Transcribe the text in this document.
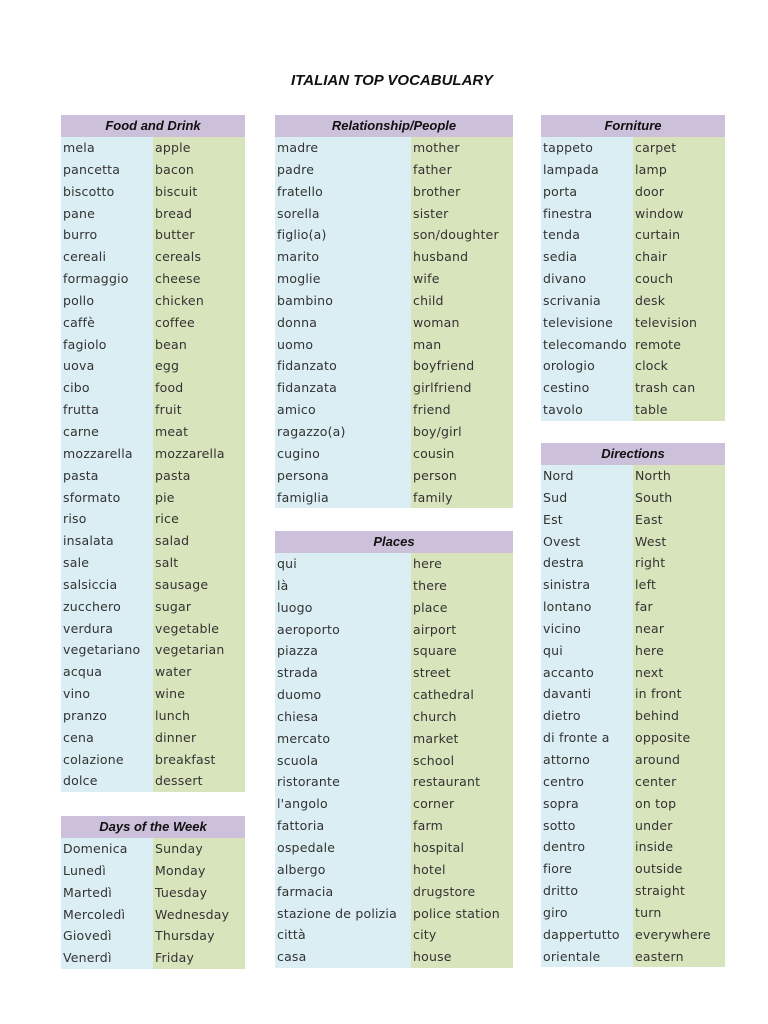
ITALIAN TOP VOCABULARY
Food and Drink
mela	apple
pancetta	bacon
biscotto	biscuit
pane	bread
burro	butter
cereali	cereals
formaggio	cheese
pollo	chicken
caffè	coffee
fagiolo	bean
uova	egg
cibo	food
frutta	fruit
carne	meat
mozzarella	mozzarella
pasta	pasta
sformato	pie
riso	rice
insalata	salad
sale	salt
salsiccia	sausage
zucchero	sugar
verdura	vegetable
vegetariano	vegetarian
acqua	water
vino	wine
pranzo	lunch
cena	dinner
colazione	breakfast
dolce	dessert
Days of the Week
Domenica	Sunday
Lunedì	Monday
Martedì	Tuesday
Mercoledì	Wednesday
Giovedì	Thursday
Venerdì	Friday
Relationship/People
madre	mother
padre	father
fratello	brother
sorella	sister
figlio(a)	son/doughter
marito	husband
moglie	wife
bambino	child
donna	woman
uomo	man
fidanzato	boyfriend
fidanzata	girlfriend
amico	friend
ragazzo(a)	boy/girl
cugino	cousin
persona	person
famiglia	family
Places
qui	here
là	there
luogo	place
aeroporto	airport
piazza	square
strada	street
duomo	cathedral
chiesa	church
mercato	market
scuola	school
ristorante	restaurant
l'angolo	corner
fattoria	farm
ospedale	hospital
albergo	hotel
farmacia	drugstore
stazione de polizia	police station
città	city
casa	house
Forniture
tappeto	carpet
lampada	lamp
porta	door
finestra	window
tenda	curtain
sedia	chair
divano	couch
scrivania	desk
televisione	television
telecomando remote
orologio	clock
cestino	trash can
tavolo	table
Directions
Nord	North
Sud	South
Est	East
Ovest	West
destra	right
sinistra	left
lontano	far
vicino	near
qui	here
accanto	next
davanti	in front
dietro	behind
di fronte a	opposite
attorno	around
centro	center
sopra	on top
sotto	under
dentro	inside
fiore	outside
dritto	straight
giro	turn
dappertutto	everywhere
orientale	eastern
